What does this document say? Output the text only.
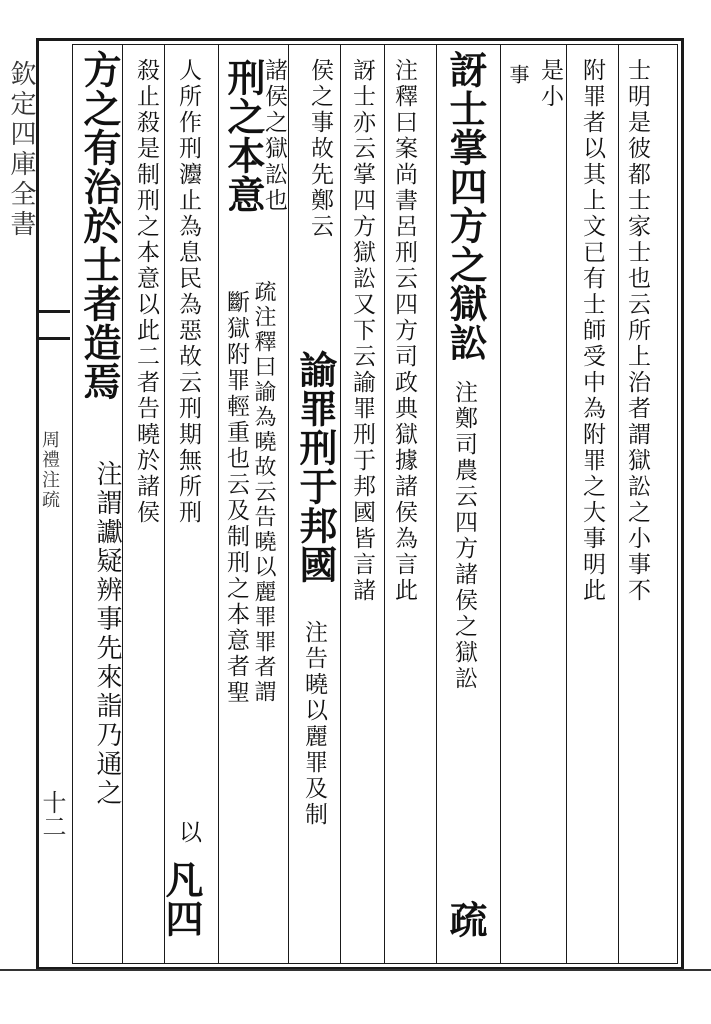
欽定四庫全書
周禮注疏
十二
士明是彼都士家士也云所上治者謂獄訟之小事不
附罪者以其上文已有士師受中為附罪之大事明此
是小
事
訝士掌四方之獄訟
注鄭司農云四方諸侯之獄訟
疏
注釋曰案尚書呂刑云四方司政典獄據諸侯為言此
訝士亦云掌四方獄訟又下云諭罪刑于邦國皆言諸
侯之事故先鄭云
諭罪刑于邦國
注告曉以麗罪及制
諸侯之獄訟也
刑之本意
疏注釋曰諭為曉故云告曉以麗罪罪者謂
斷獄附罪輕重也云及制刑之本意者聖
人所作刑灋止為息民為惡故云刑期無所刑
以
殺止殺是制刑之本意以此二者告曉於諸侯
凡四
方之有治於士者造焉
注謂讞疑辨事先來詣乃通之
